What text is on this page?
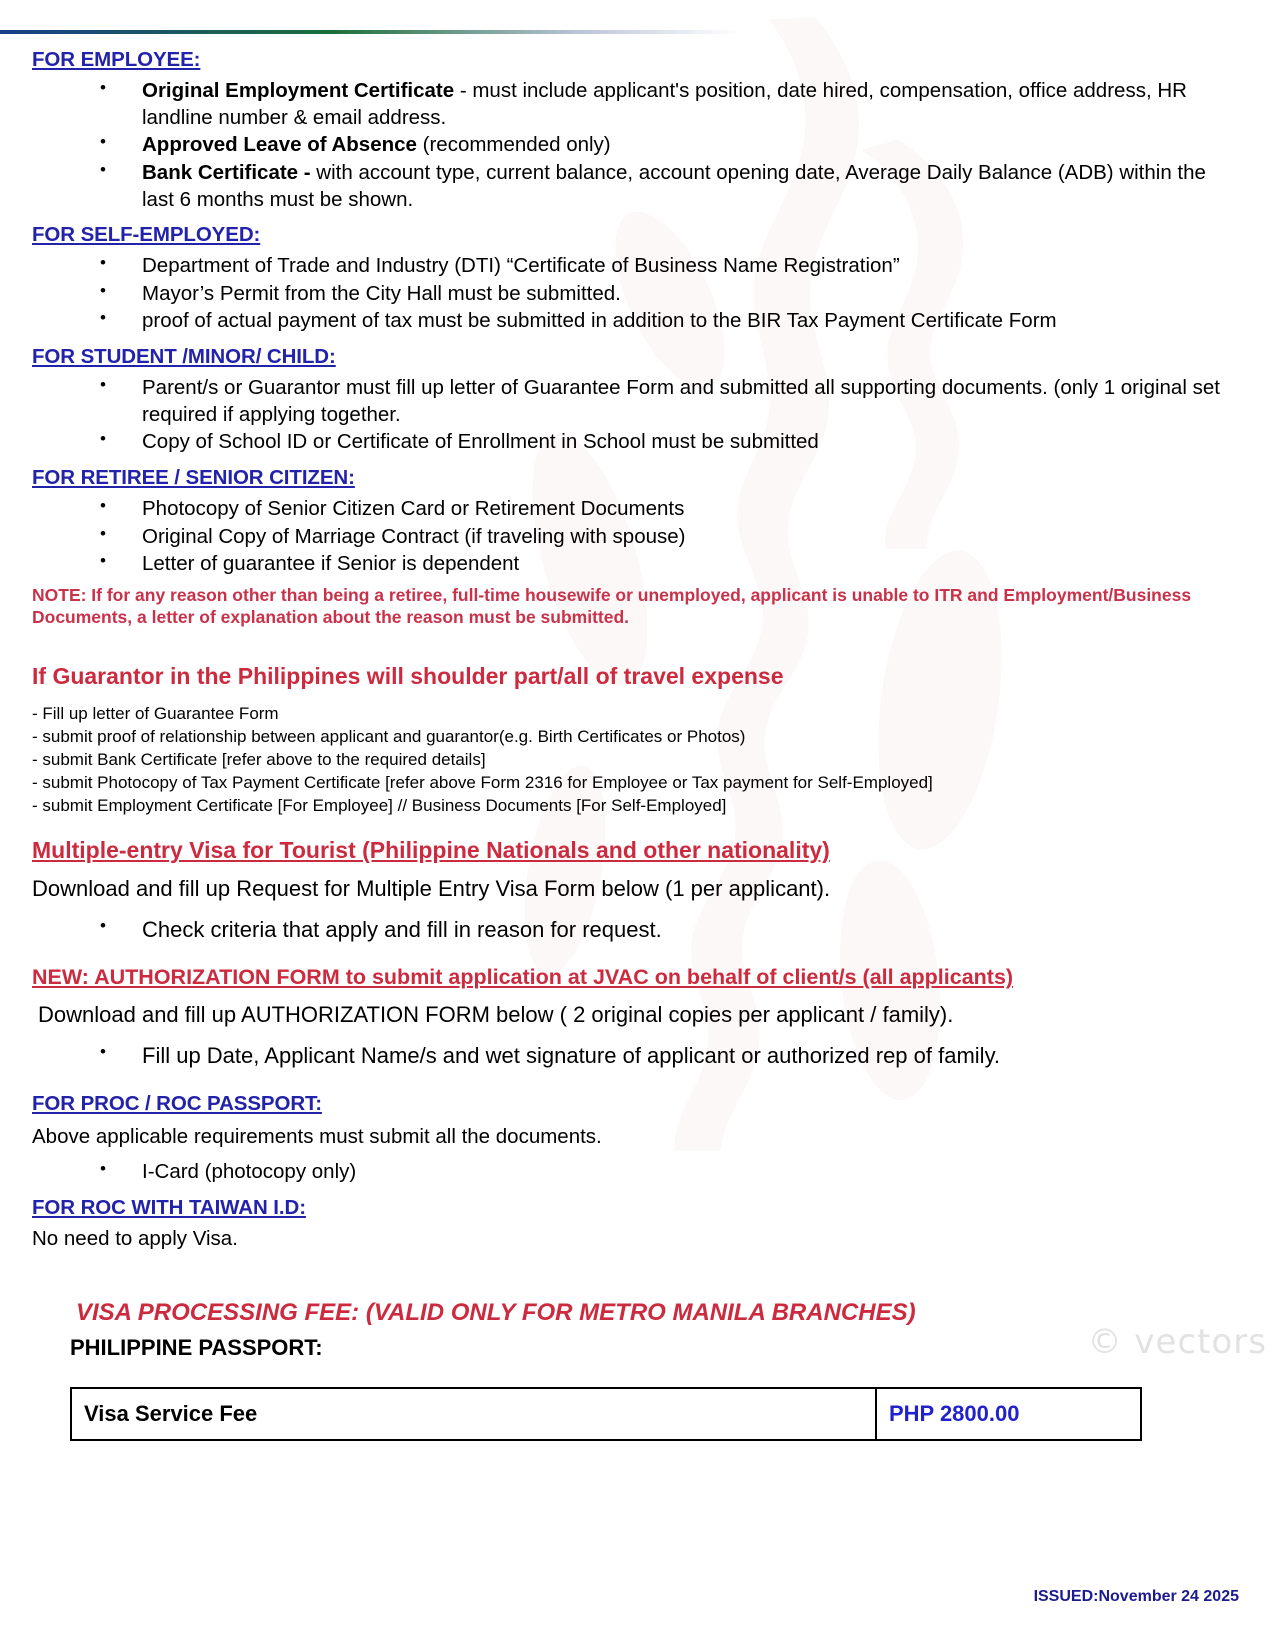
© vectors
FOR EMPLOYEE:
• Original Employment Certificate - must include applicant's position, date hired, compensation, office address, HR landline number & email address.
• Approved Leave of Absence (recommended only)
• Bank Certificate - with account type, current balance, account opening date, Average Daily Balance (ADB) within the last 6 months must be shown.
FOR SELF-EMPLOYED:
• Department of Trade and Industry (DTI) “Certificate of Business Name Registration”
• Mayor’s Permit from the City Hall must be submitted.
• proof of actual payment of tax must be submitted in addition to the BIR Tax Payment Certificate Form
FOR STUDENT /MINOR/ CHILD:
• Parent/s or Guarantor must fill up letter of Guarantee Form and submitted all supporting documents. (only 1 original set required if applying together.
• Copy of School ID or Certificate of Enrollment in School must be submitted
FOR RETIREE / SENIOR CITIZEN:
• Photocopy of Senior Citizen Card or Retirement Documents
• Original Copy of Marriage Contract (if traveling with spouse)
• Letter of guarantee if Senior is dependent

NOTE: If for any reason other than being a retiree, full-time housewife or unemployed, applicant is unable to ITR and Employment/Business Documents, a letter of explanation about the reason must be submitted.

If Guarantor in the Philippines will shoulder part/all of travel expense

- Fill up letter of Guarantee Form

- submit proof of relationship between applicant and guarantor(e.g. Birth Certificates or Photos)

- submit Bank Certificate [refer above to the required details]

- submit Photocopy of Tax Payment Certificate [refer above Form 2316 for Employee or Tax payment for Self-Employed]

- submit Employment Certificate [For Employee] // Business Documents [For Self-Employed]

Multiple-entry Visa for Tourist (Philippine Nationals and other nationality)

Download and fill up Request for Multiple Entry Visa Form below (1 per applicant).

• Check criteria that apply and fill in reason for request.
NEW: AUTHORIZATION FORM to submit application at JVAC on behalf of client/s (all applicants)

Download and fill up AUTHORIZATION FORM below ( 2 original copies per applicant / family).

• Fill up Date, Applicant Name/s and wet signature of applicant or authorized rep of family.
FOR PROC / ROC PASSPORT:

Above applicable requirements must submit all the documents.

• I-Card (photocopy only)
FOR ROC WITH TAIWAN I.D:

No need to apply Visa.

VISA PROCESSING FEE: (VALID ONLY FOR METRO MANILA BRANCHES)

PHILIPPINE PASSPORT:

Visa Service Fee	PHP 2800.00
ISSUED:November 24 2025
